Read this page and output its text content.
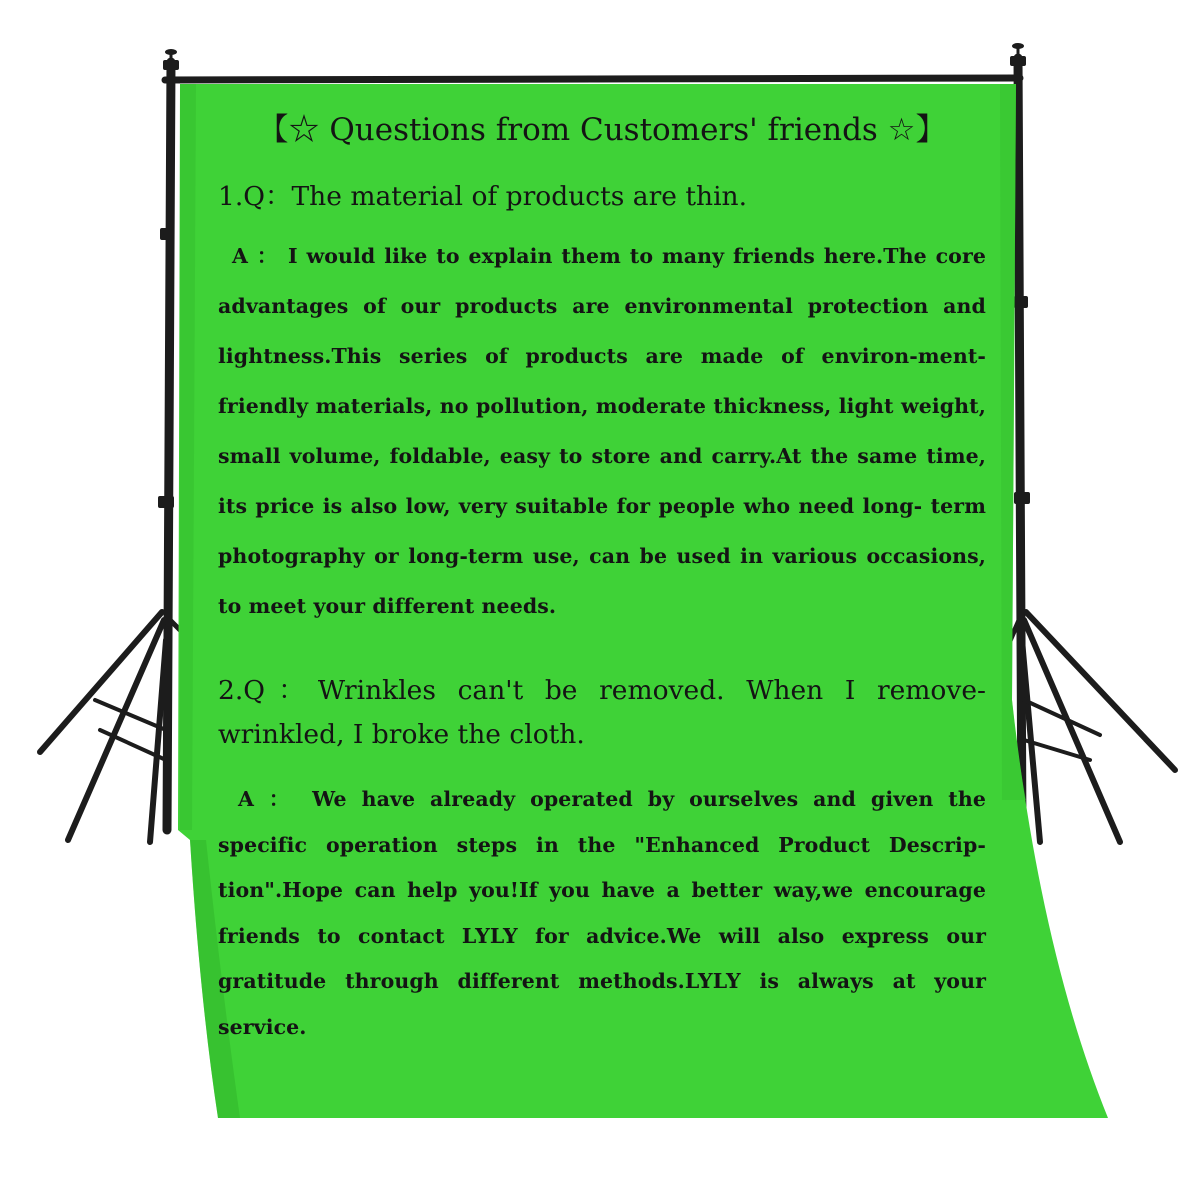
【☆ Questions from Customers' friends ☆】
1.Q：The material of products are thin.
A ： I would like to explain them to many friends here.The core advantages of our products are environmental protection and lightness.This series of products are made of environ-ment-friendly materials, no pollution, moderate thickness, light weight, small volume, foldable, easy to store and carry.At the same time, its price is also low, very suitable for people who need long- term photography or long-term use, can be used in various occasions, to meet your different needs.
2.Q：Wrinkles can't be removed. When I remove-wrinkled, I broke the cloth.
A ： We have already operated by ourselves and given the specific operation steps in the "Enhanced Product Descrip-tion".Hope can help you!If you have a better way,we encourage friends to contact LYLY for advice.We will also express our gratitude through different methods.LYLY is always at your service.
